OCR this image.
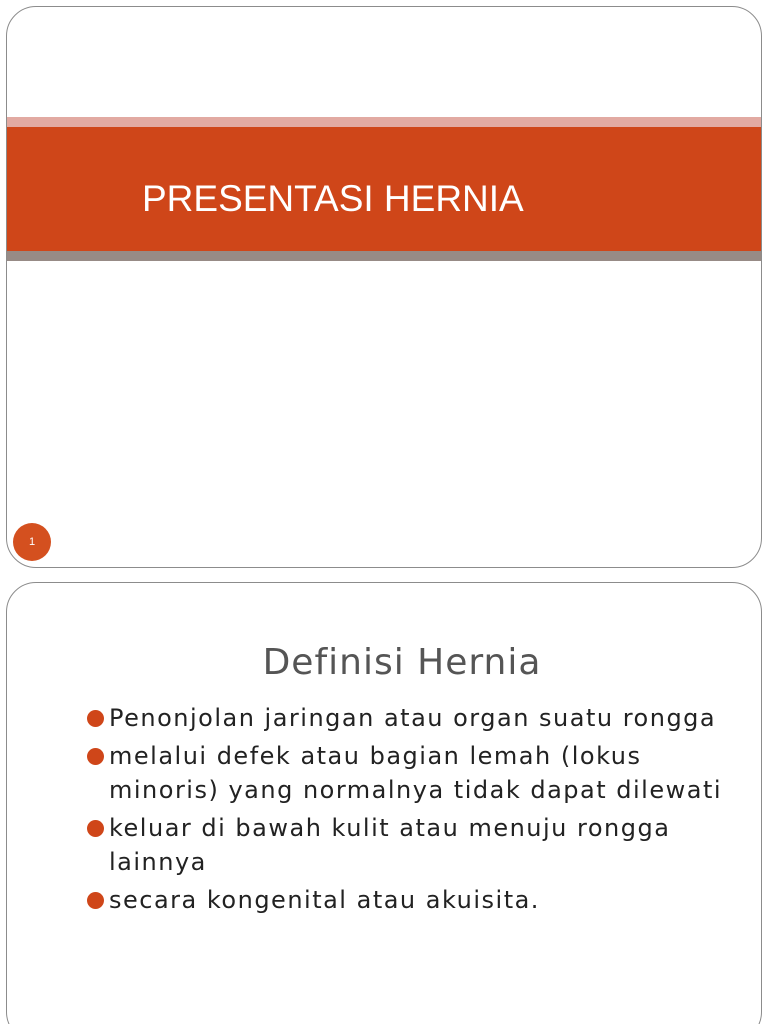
PRESENTASI HERNIA
1
Definisi Hernia
Penonjolan jaringan atau organ suatu rongga
melalui defek atau bagian lemah (lokus minoris) yang normalnya tidak dapat dilewati
keluar di bawah kulit atau menuju rongga lainnya
secara kongenital atau akuisita.
